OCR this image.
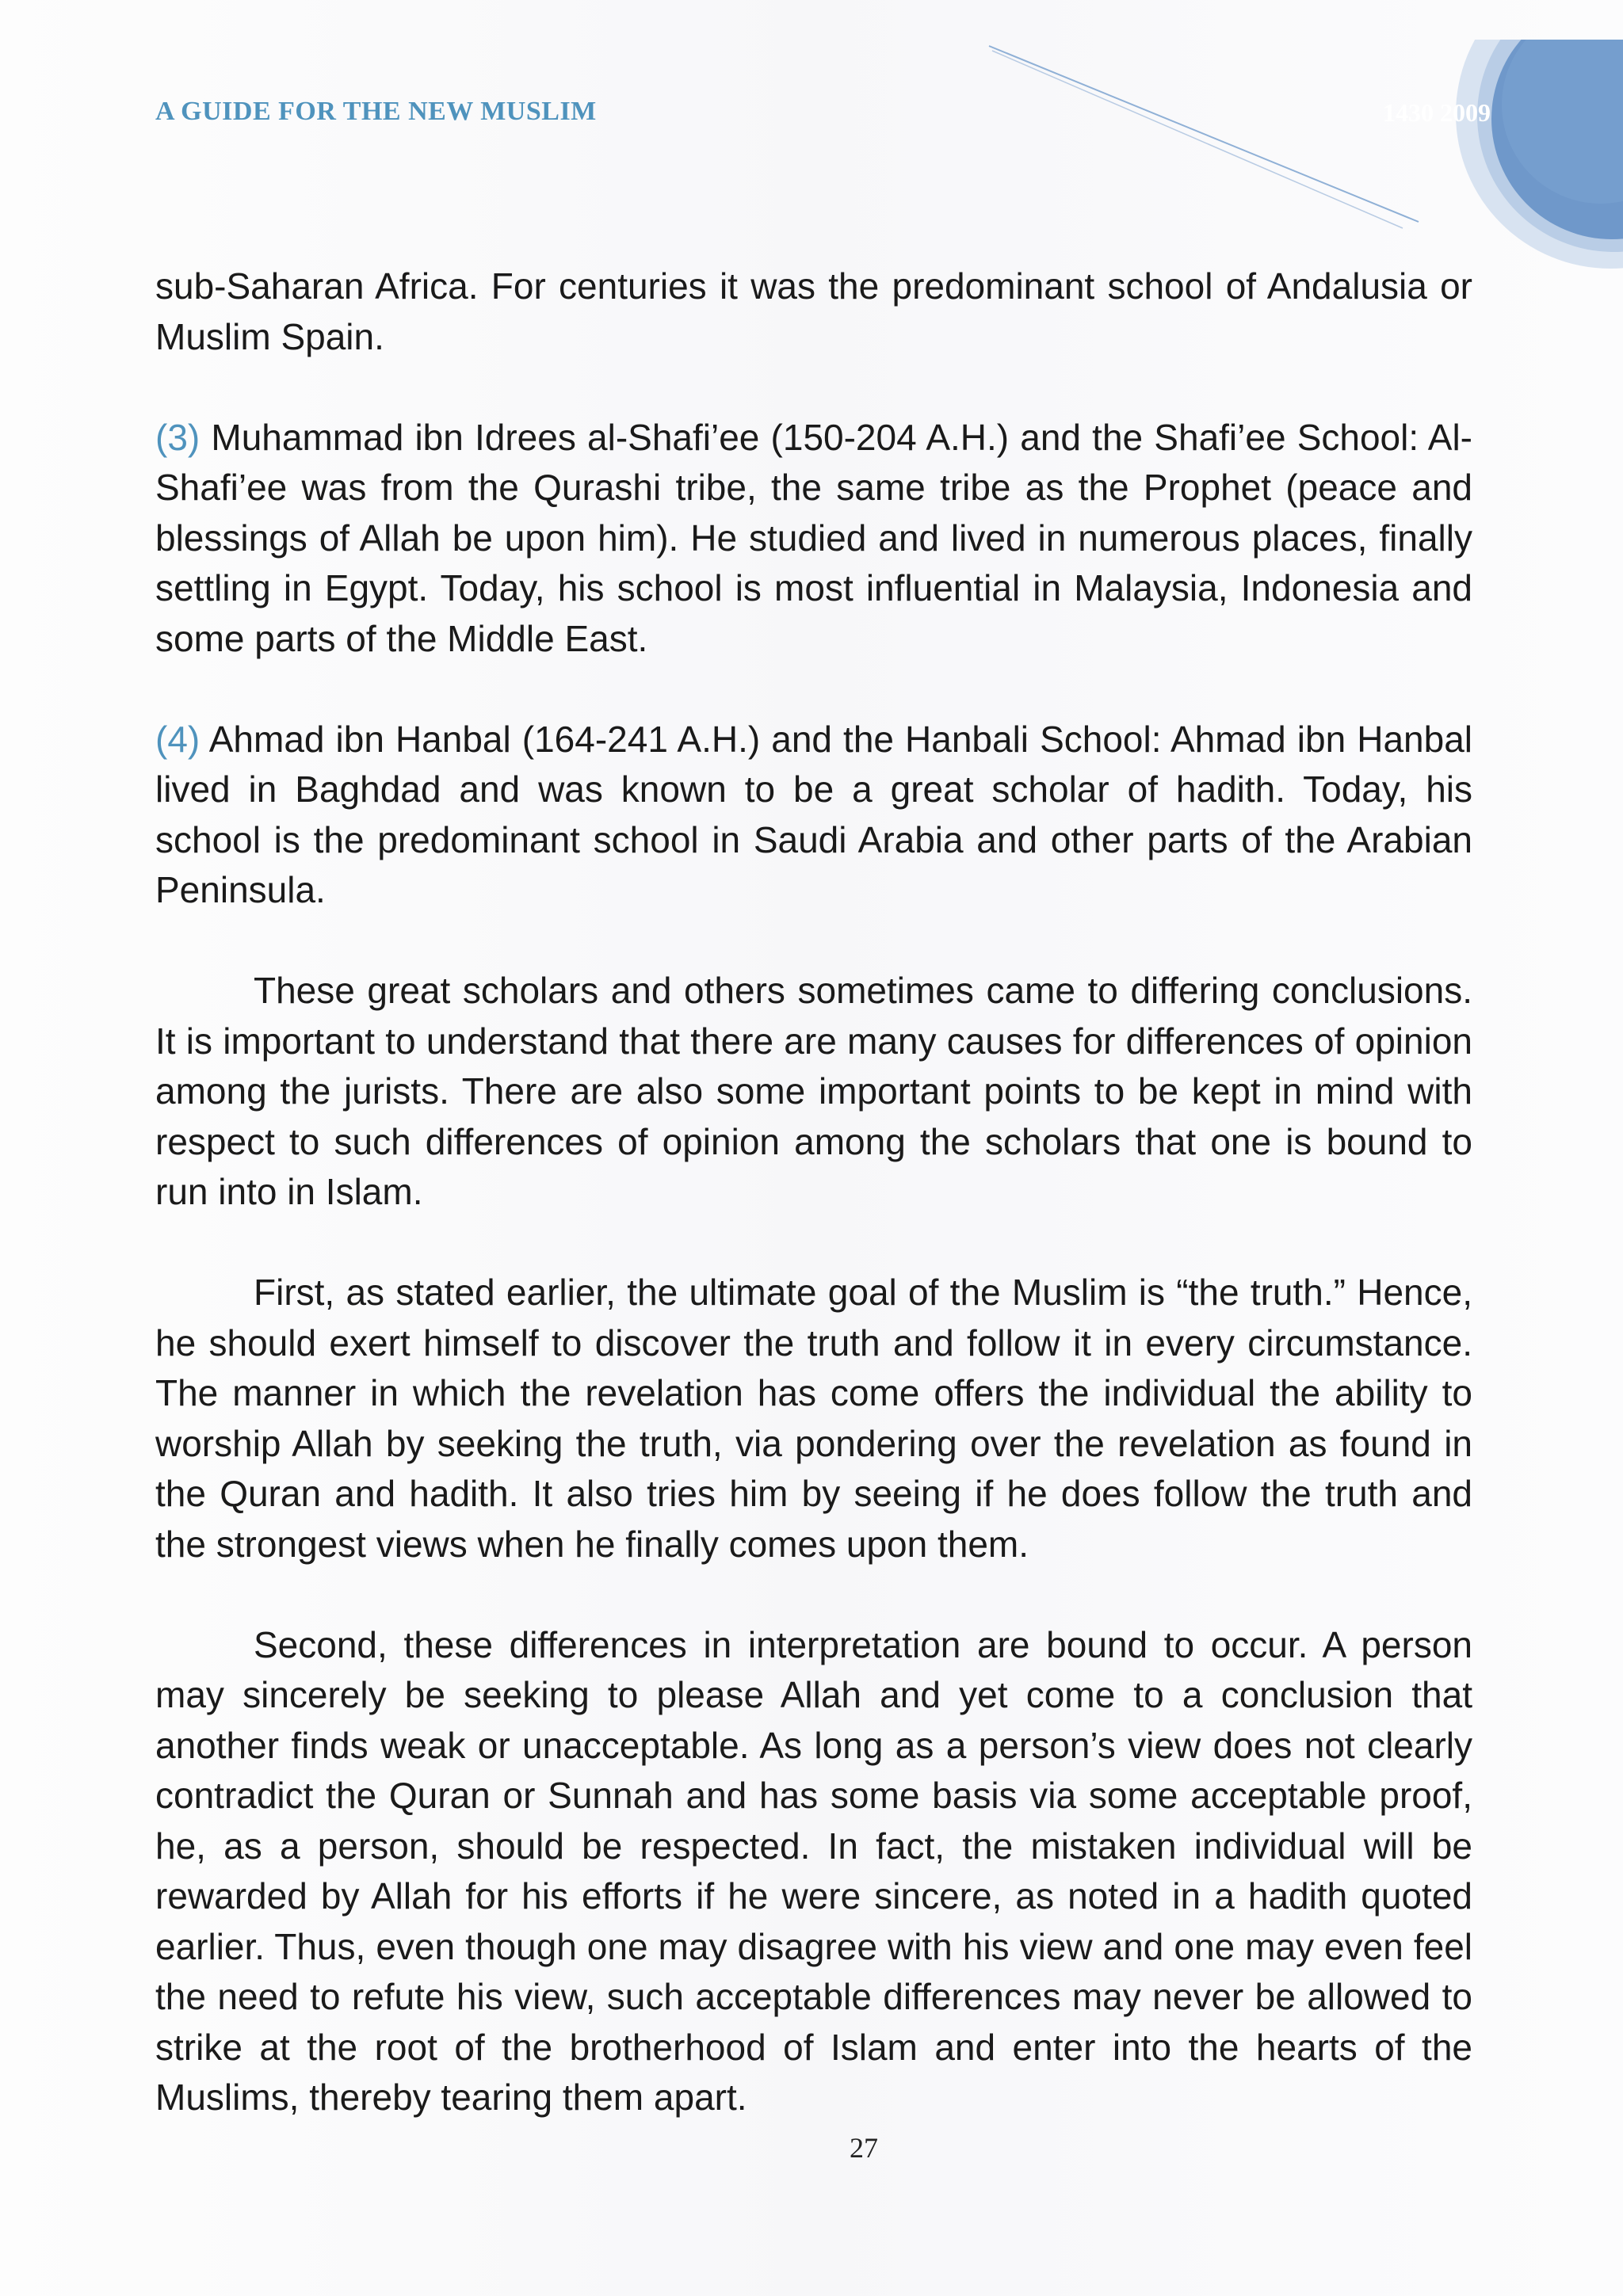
A GUIDE FOR THE NEW MUSLIM	1430 2009

sub-Saharan Africa. For centuries it was the predominant school of Andalusia or Muslim Spain.

(3) Muhammad ibn Idrees al-Shafi’ee (150-204 A.H.) and the Shafi’ee School: Al-Shafi’ee was from the Qurashi tribe, the same tribe as the Prophet (peace and blessings of Allah be upon him). He studied and lived in numerous places, finally settling in Egypt. Today, his school is most influential in Malaysia, Indonesia and some parts of the Middle East.

(4) Ahmad ibn Hanbal (164-241 A.H.) and the Hanbali School: Ahmad ibn Hanbal lived in Baghdad and was known to be a great scholar of hadith. Today, his school is the predominant school in Saudi Arabia and other parts of the Arabian Peninsula.

These great scholars and others sometimes came to differing conclusions. It is important to understand that there are many causes for differences of opinion among the jurists. There are also some important points to be kept in mind with respect to such differences of opinion among the scholars that one is bound to run into in Islam.

First, as stated earlier, the ultimate goal of the Muslim is “the truth.” Hence, he should exert himself to discover the truth and follow it in every circumstance. The manner in which the revelation has come offers the individual the ability to worship Allah by seeking the truth, via pondering over the revelation as found in the Quran and hadith. It also tries him by seeing if he does follow the truth and the strongest views when he finally comes upon them.

Second, these differences in interpretation are bound to occur. A person may sincerely be seeking to please Allah and yet come to a conclusion that another finds weak or unacceptable. As long as a person’s view does not clearly contradict the Quran or Sunnah and has some basis via some acceptable proof, he, as a person, should be respected. In fact, the mistaken individual will be rewarded by Allah for his efforts if he were sincere, as noted in a hadith quoted earlier. Thus, even though one may disagree with his view and one may even feel the need to refute his view, such acceptable differences may never be allowed to strike at the root of the brotherhood of Islam and enter into the hearts of the Muslims, thereby tearing them apart.

27
